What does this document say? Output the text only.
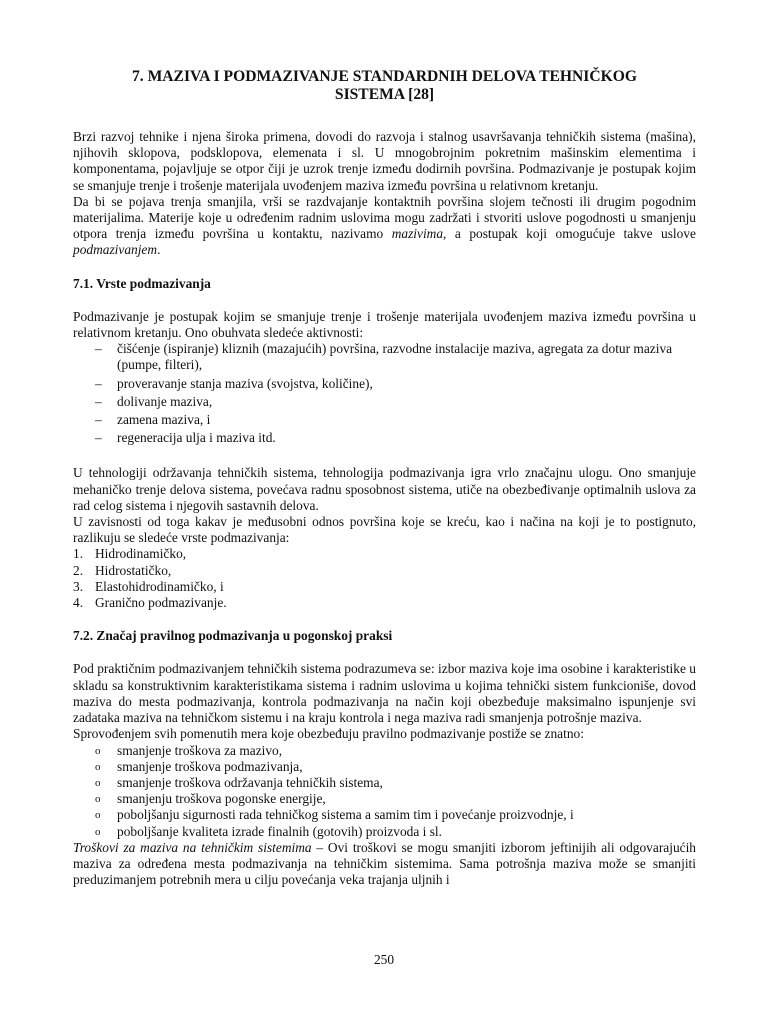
7. MAZIVA I PODMAZIVANJE STANDARDNIH DELOVA TEHNIČKOG
SISTEMA [28]

Brzi razvoj tehnike i njena široka primena, dovodi do razvoja i stalnog usavršavanja tehničkih sistema (mašina), njihovih sklopova, podsklopova, elemenata i sl. U mnogobrojnim pokretnim mašinskim elementima i komponentama, pojavljuje se otpor čiji je uzrok trenje između dodirnih površina. Podmazivanje je postupak kojim se smanjuje trenje i trošenje materijala uvođenjem maziva između površina u relativnom kretanju.

Da bi se pojava trenja smanjila, vrši se razdvajanje kontaktnih površina slojem tečnosti ili drugim pogodnim materijalima. Materije koje u određenim radnim uslovima mogu zadržati i stvoriti uslove pogodnosti u smanjenju otpora trenja između površina u kontaktu, nazivamo mazivima, a postupak koji omogućuje takve uslove podmazivanjem.

7.1. Vrste podmazivanja

Podmazivanje je postupak kojim se smanjuje trenje i trošenje materijala uvođenjem maziva između površina u relativnom kretanju. Ono obuhvata sledeće aktivnosti:

– čišćenje (ispiranje) kliznih (mazajućih) površina, razvodne instalacije maziva, agregata za dotur maziva (pumpe, filteri),
– proveravanje stanja maziva (svojstva, količine),
– dolivanje maziva,
– zamena maziva, i
– regeneracija ulja i maziva itd.

U tehnologiji održavanja tehničkih sistema, tehnologija podmazivanja igra vrlo značajnu ulogu. Ono smanjuje mehaničko trenje delova sistema, povećava radnu sposobnost sistema, utiče na obezbeđivanje optimalnih uslova za rad celog sistema i njegovih sastavnih delova.

U zavisnosti od toga kakav je međusobni odnos površina koje se kreću, kao i načina na koji je to postignuto, razlikuju se sledeće vrste podmazivanja:

1. Hidrodinamičko,
2. Hidrostatičko,
3. Elastohidrodinamičko, i
4. Granično podmazivanje.
7.2. Značaj pravilnog podmazivanja u pogonskoj praksi

Pod praktičnim podmazivanjem tehničkih sistema podrazumeva se: izbor maziva koje ima osobine i karakteristike u skladu sa konstruktivnim karakteristikama sistema i radnim uslovima u kojima tehnički sistem funkcioniše, dovod maziva do mesta podmazivanja, kontrola podmazivanja na način koji obezbeđuje maksimalno ispunjenje svi zadataka maziva na tehničkom sistemu i na kraju kontrola i nega maziva radi smanjenja potrošnje maziva.

Sprovođenjem svih pomenutih mera koje obezbeđuju pravilno podmazivanje postiže se znatno:

o smanjenje troškova za mazivo,
o smanjenje troškova podmazivanja,
o smanjenje troškova održavanja tehničkih sistema,
o smanjenju troškova pogonske energije,
o poboljšanju sigurnosti rada tehničkog sistema a samim tim i povećanje proizvodnje, i
o poboljšanje kvaliteta izrade finalnih (gotovih) proizvoda i sl.

Troškovi za maziva na tehničkim sistemima – Ovi troškovi se mogu smanjiti izborom jeftinijih ali odgovarajućih maziva za određena mesta podmazivanja na tehničkim sistemima. Sama potrošnja maziva može se smanjiti preduzimanjem potrebnih mera u cilju povećanja veka trajanja uljnih i

250
